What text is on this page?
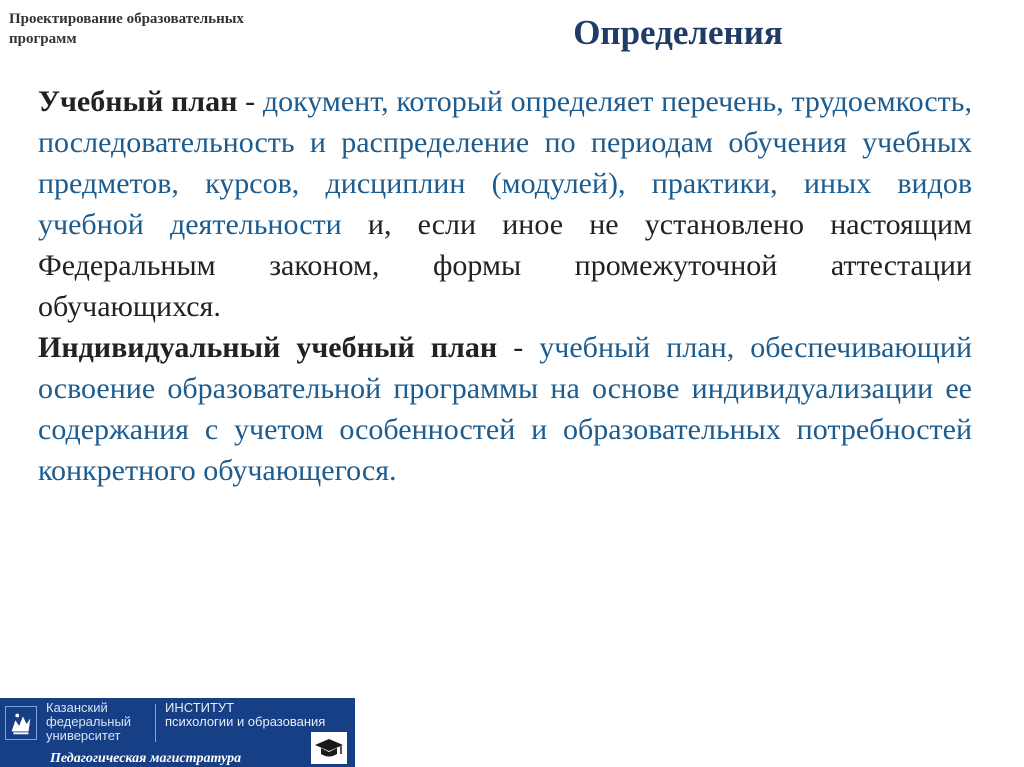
Проектирование образовательных
программ	Определения

Учебный план - документ, который определяет перечень, трудоемкость, последовательность и распределение по периодам обучения учебных предметов, курсов, дисциплин (модулей), практики, иных видов учебной деятельности и, если иное не установлено настоящим Федеральным законом, формы промежуточной аттестации обучающихся.

Индивидуальный учебный план - учебный план, обеспечивающий освоение образовательной программы на основе индивидуализации ее содержания с учетом особенностей и образовательных потребностей конкретного обучающегося.

Казанский
федеральный
университет
ИНСТИТУТ
психологии и образования
Педагогическая магистратура
